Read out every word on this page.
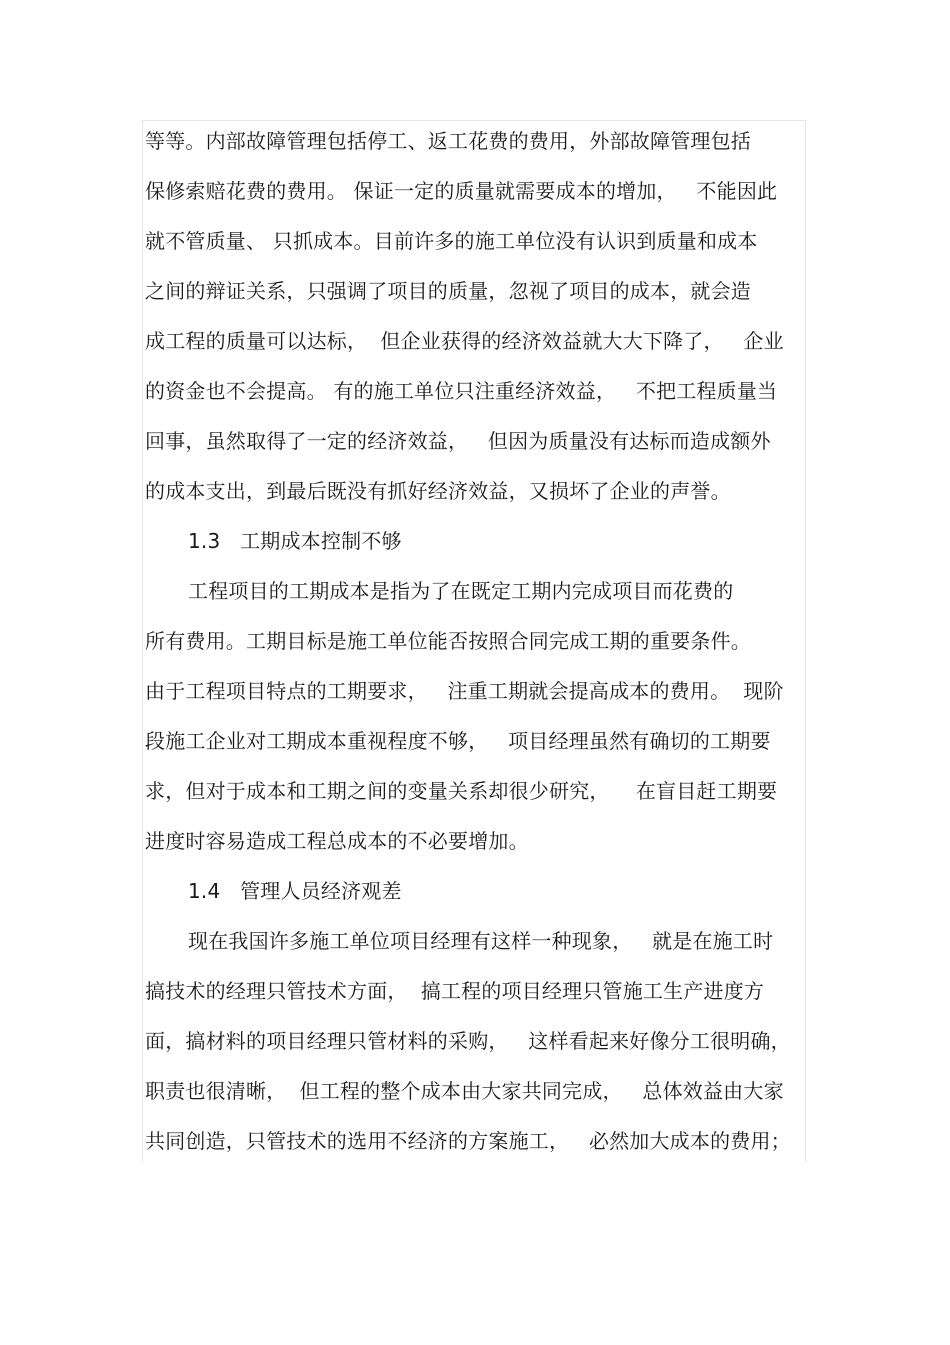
等等。内部故障管理包括停工、返工花费的费用，外部故障管理包括
保修索赔花费的费用。 保证一定的质量就需要成本的增加，   不能因此
就不管质量、 只抓成本。目前许多的施工单位没有认识到质量和成本
之间的辩证关系，只强调了项目的质量，忽视了项目的成本，就会造
成工程的质量可以达标，  但企业获得的经济效益就大大下降了，   企业
的资金也不会提高。 有的施工单位只注重经济效益，   不把工程质量当
回事，虽然取得了一定的经济效益，   但因为质量没有达标而造成额外
的成本支出，到最后既没有抓好经济效益，又损坏了企业的声誉。
1.3   工期成本控制不够
工程项目的工期成本是指为了在既定工期内完成项目而花费的
所有费用。工期目标是施工单位能否按照合同完成工期的重要条件。
由于工程项目特点的工期要求，   注重工期就会提高成本的费用。  现阶
段施工企业对工期成本重视程度不够，   项目经理虽然有确切的工期要
求，但对于成本和工期之间的变量关系却很少研究，    在盲目赶工期要
进度时容易造成工程总成本的不必要增加。
1.4   管理人员经济观差
现在我国许多施工单位项目经理有这样一种现象，   就是在施工时
搞技术的经理只管技术方面，  搞工程的项目经理只管施工生产进度方
面，搞材料的项目经理只管材料的采购，   这样看起来好像分工很明确，
职责也很清晰，  但工程的整个成本由大家共同完成，   总体效益由大家
共同创造，只管技术的选用不经济的方案施工，   必然加大成本的费用；
